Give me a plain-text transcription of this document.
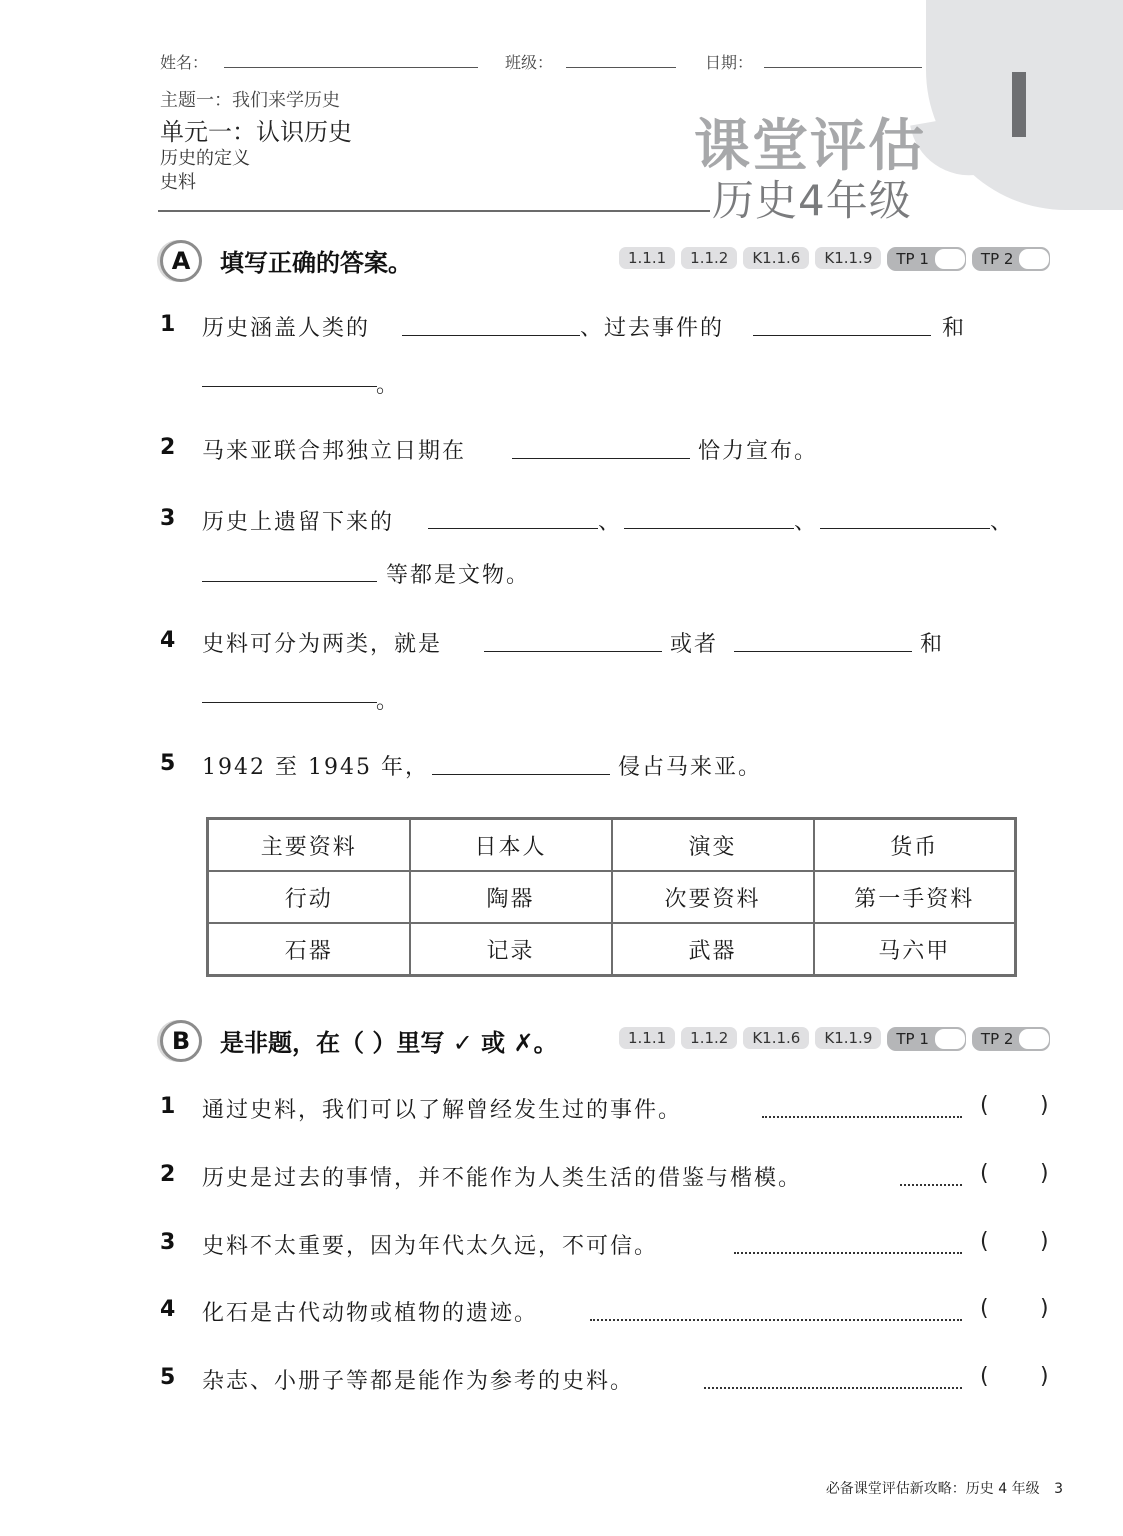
姓名：	班级：	日期：
主题一：我们来学历史
单元一：认识历史
历史的定义
史料
课堂评估
历史4年级
A	填写正确的答案。	1.1.1	1.1.2	K1.1.6	K1.1.9	TP 1	TP 2
1 历史涵盖人类的	、过去事件的	和
。
2 马来亚联合邦独立日期在	恰力宣布。
3 历史上遗留下来的	、	、	、
等都是文物。
4 史料可分为两类，就是	或者	和
。
5 1942 至 1945 年，	侵占马来亚。
主要资料	日本人	演变	货币
行动	陶器	次要资料	第一手资料
石器	记录	武器	马六甲
B	是非题，在（ ）里写 ✓ 或 ✗。	1.1.1	1.1.2	K1.1.6	K1.1.9	TP 1	TP 2
1 通过史料，我们可以了解曾经发生过的事件。	( )
2 历史是过去的事情，并不能作为人类生活的借鉴与楷模。	( )
3 史料不太重要，因为年代太久远，不可信。	( )
4 化石是古代动物或植物的遗迹。	( )
5 杂志、小册子等都是能作为参考的史料。	( )
必备课堂评估新攻略：历史 4 年级 3
